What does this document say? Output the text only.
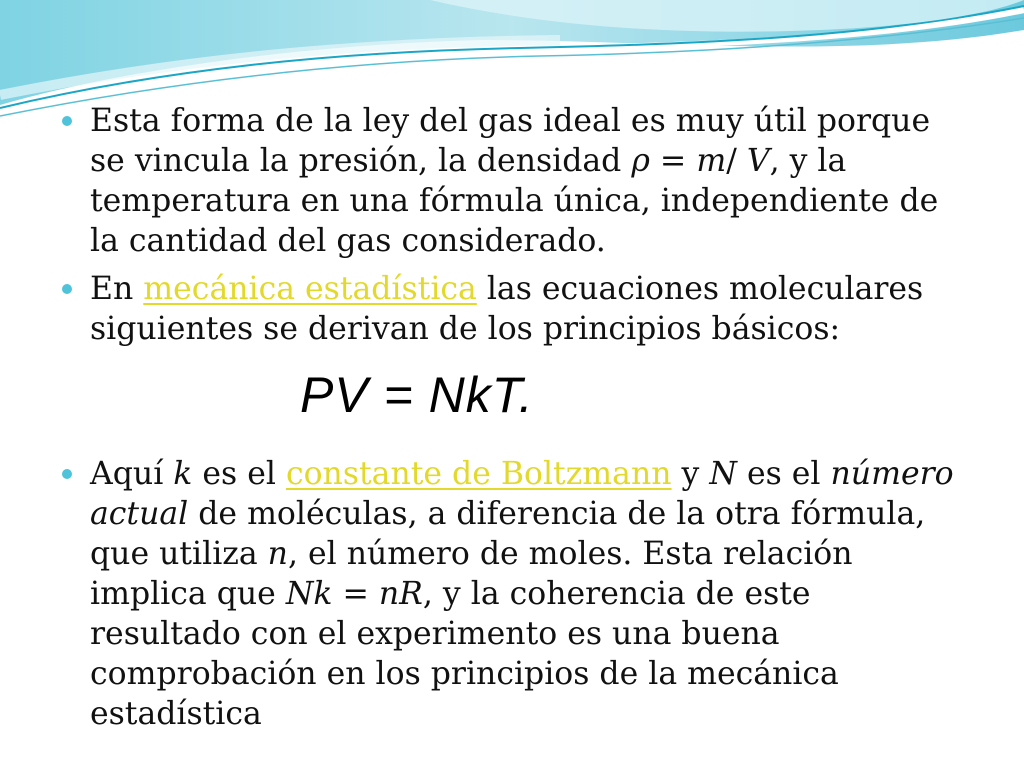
Esta forma de la ley del gas ideal es muy útil porque se vincula la presión, la densidad ρ = m/ V, y la temperatura en una fórmula única, independiente de la cantidad del gas considerado.
En mecánica estadística las ecuaciones moleculares siguientes se derivan de los principios básicos:
PV = NkT.
Aquí k es el constante de Boltzmann y N es el número actual de moléculas, a diferencia de la otra fórmula, que utiliza n, el número de moles. Esta relación implica que Nk = nR, y la coherencia de este resultado con el experimento es una buena comprobación en los principios de la mecánica estadística
